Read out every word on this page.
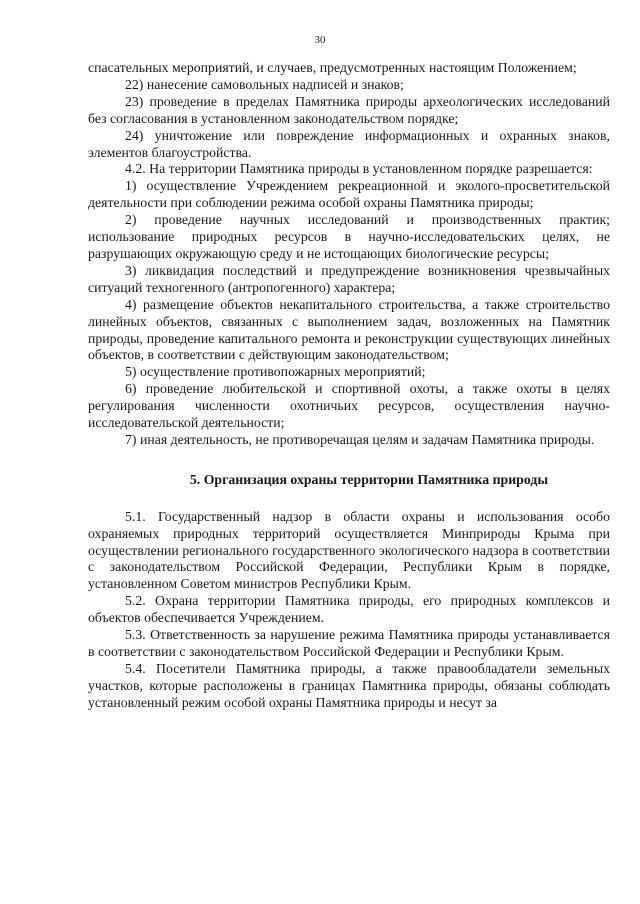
30

спасательных мероприятий, и случаев, предусмотренных настоящим Положением;

22) нанесение самовольных надписей и знаков;

23) проведение в пределах Памятника природы археологических исследований без согласования в установленном законодательством порядке;

24) уничтожение или повреждение информационных и охранных знаков, элементов благоустройства.

4.2. На территории Памятника природы в установленном порядке разрешается:

1) осуществление Учреждением рекреационной и эколого-просветительской деятельности при соблюдении режима особой охраны Памятника природы;

2) проведение научных исследований и производственных практик; использование природных ресурсов в научно-исследовательских целях, не разрушающих окружающую среду и не истощающих биологические ресурсы;

3) ликвидация последствий и предупреждение возникновения чрезвычайных ситуаций техногенного (антропогенного) характера;

4) размещение объектов некапитального строительства, а также строительство линейных объектов, связанных с выполнением задач, возложенных на Памятник природы, проведение капитального ремонта и реконструкции существующих линейных объектов, в соответствии с действующим законодательством;

5) осуществление противопожарных мероприятий;

6) проведение любительской и спортивной охоты, а также охоты в целях регулирования численности охотничьих ресурсов, осуществления научно-исследовательской деятельности;

7) иная деятельность, не противоречащая целям и задачам Памятника природы.

5. Организация охраны территории Памятника природы

5.1. Государственный надзор в области охраны и использования особо охраняемых природных территорий осуществляется Минприроды Крыма при осуществлении регионального государственного экологического надзора в соответствии с законодательством Российской Федерации, Республики Крым в порядке, установленном Советом министров Республики Крым.

5.2. Охрана территории Памятника природы, его природных комплексов и объектов обеспечивается Учреждением.

5.3. Ответственность за нарушение режима Памятника природы устанавливается в соответствии с законодательством Российской Федерации и Республики Крым.

5.4. Посетители Памятника природы, а также правообладатели земельных участков, которые расположены в границах Памятника природы, обязаны соблюдать установленный режим особой охраны Памятника природы и несут за
